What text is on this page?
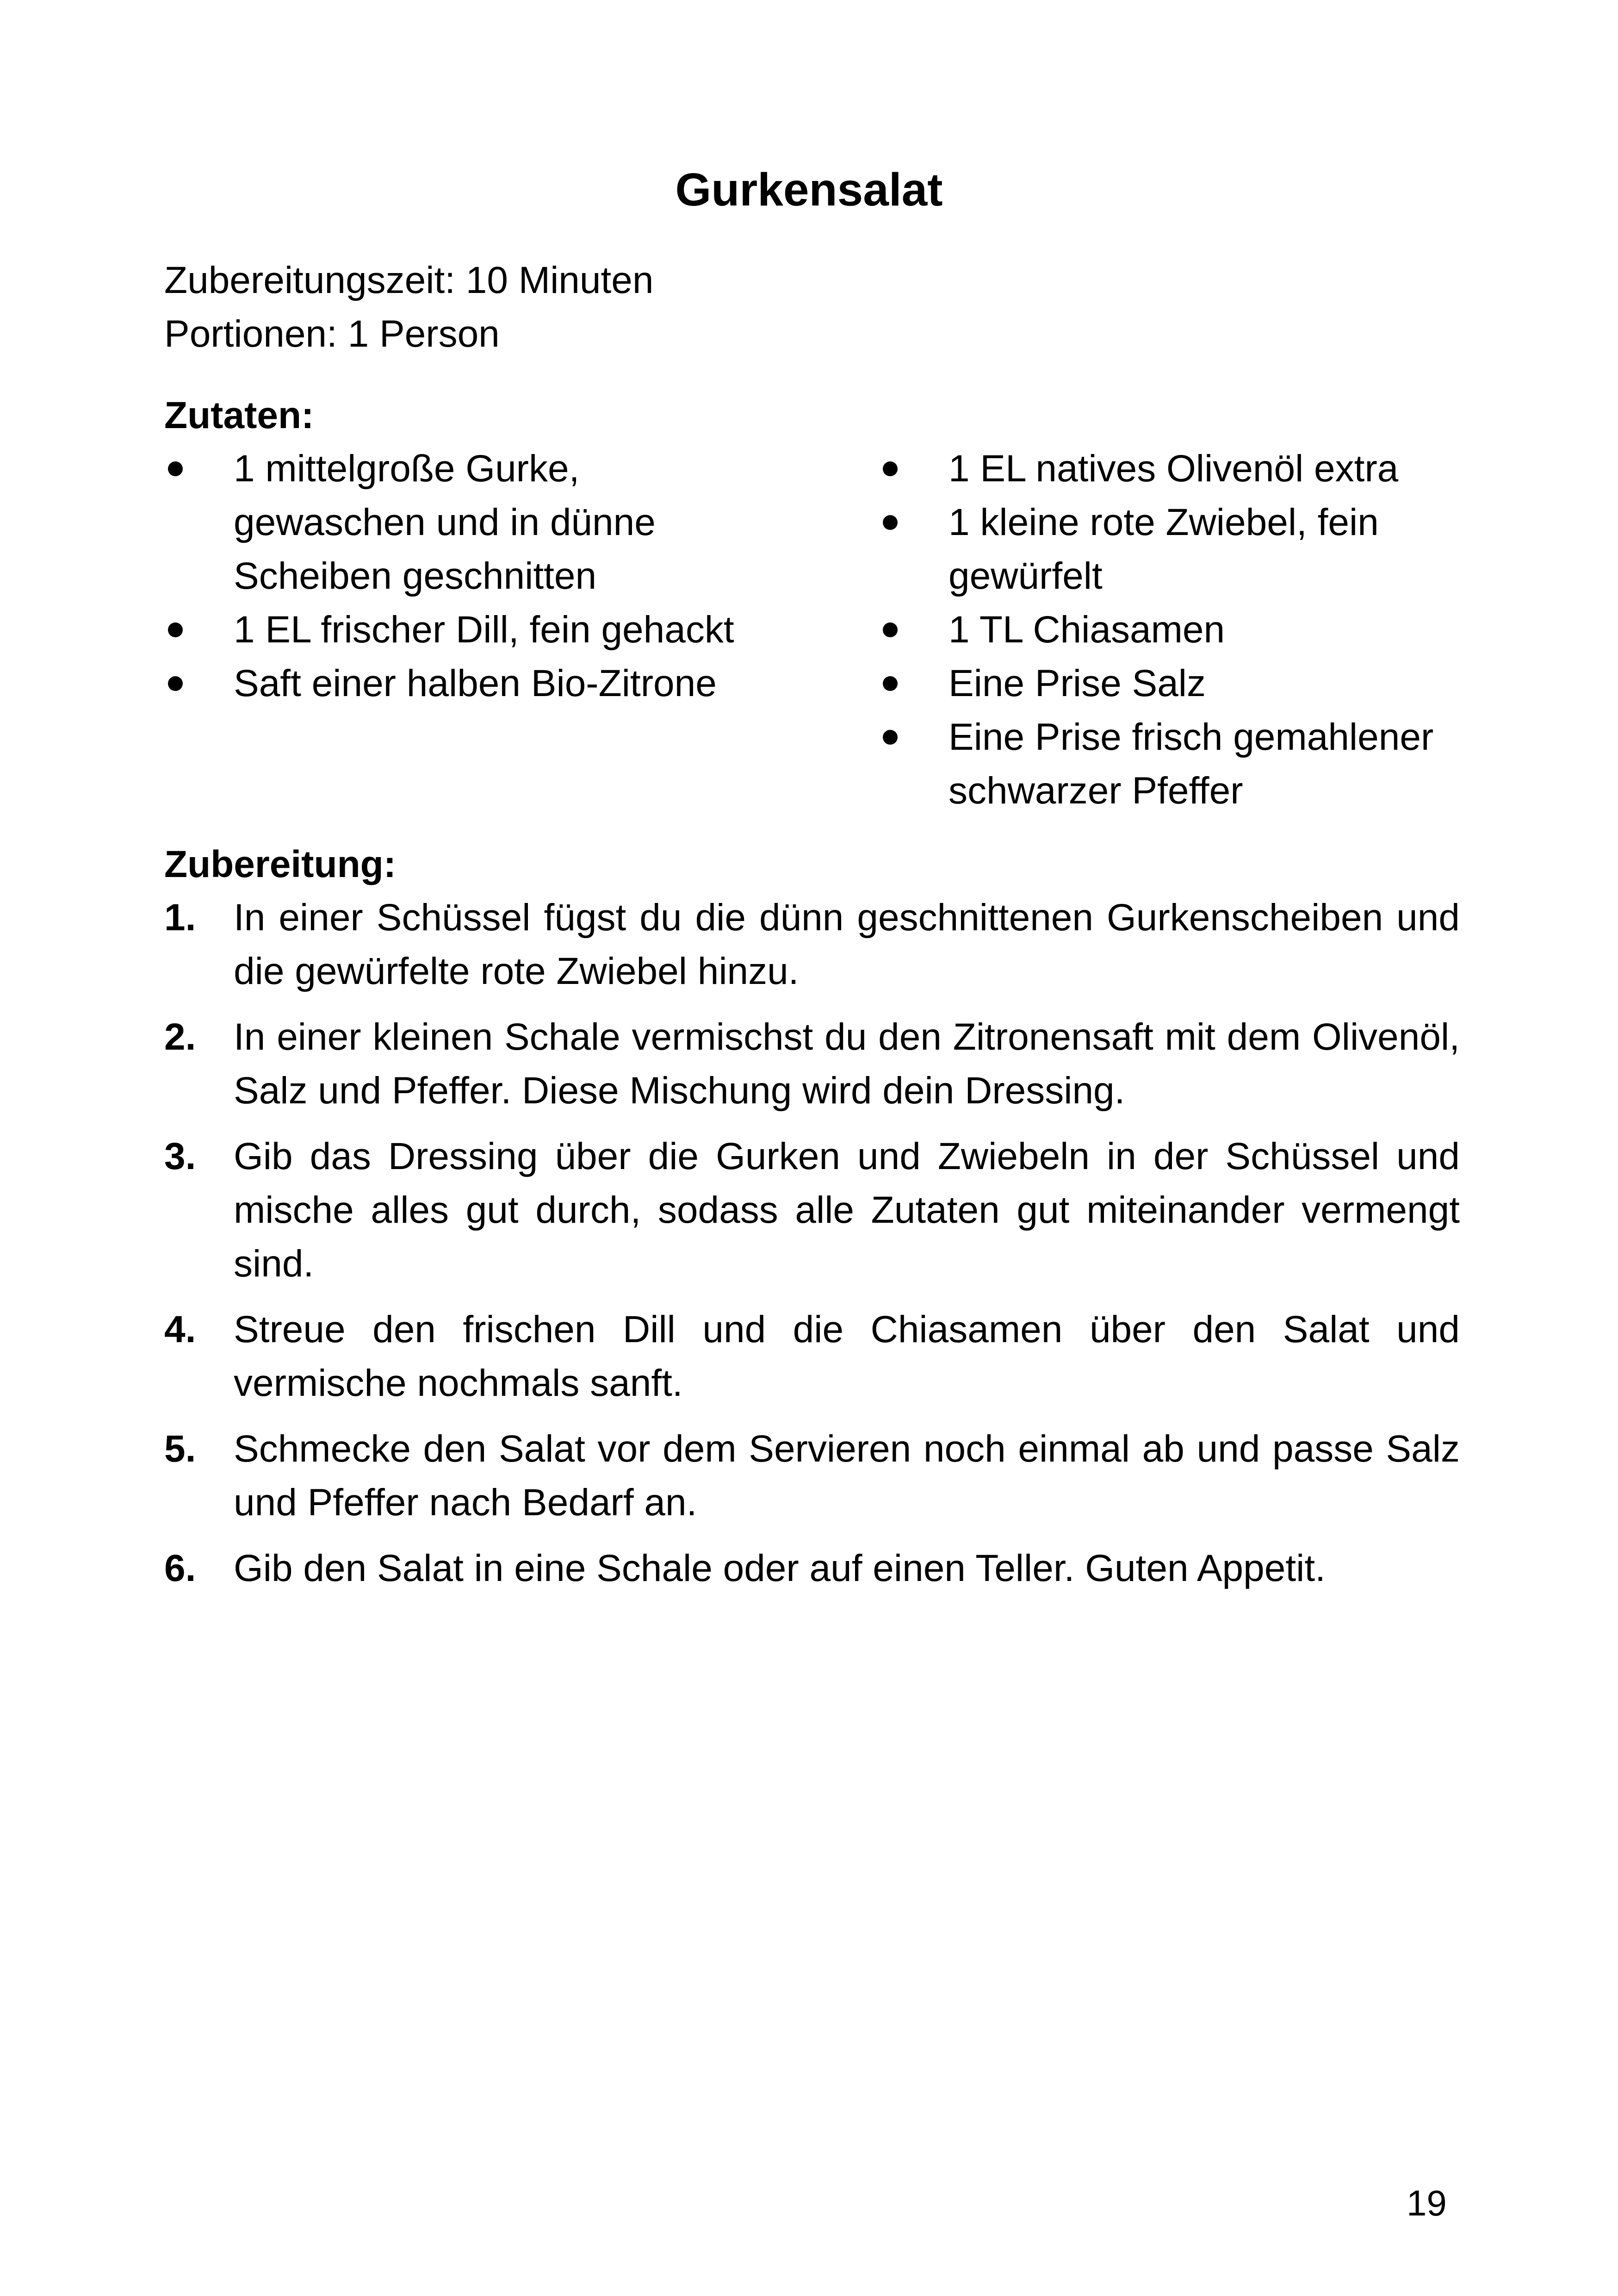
Gurkensalat
Zubereitungszeit: 10 Minuten
Portionen: 1 Person
Zutaten:
1 mittelgroße Gurke, gewaschen und in dünne Scheiben geschnitten
1 EL frischer Dill, fein gehackt
Saft einer halben Bio-Zitrone
1 EL natives Olivenöl extra
1 kleine rote Zwiebel, fein gewürfelt
1 TL Chiasamen
Eine Prise Salz
Eine Prise frisch gemahlener schwarzer Pfeffer
Zubereitung:
1. In einer Schüssel fügst du die dünn geschnittenen Gurkenscheiben und die gewürfelte rote Zwiebel hinzu.
2. In einer kleinen Schale vermischst du den Zitronensaft mit dem Olivenöl, Salz und Pfeffer. Diese Mischung wird dein Dressing.
3. Gib das Dressing über die Gurken und Zwiebeln in der Schüssel und mische alles gut durch, sodass alle Zutaten gut miteinander vermengt sind.
4. Streue den frischen Dill und die Chiasamen über den Salat und vermische nochmals sanft.
5. Schmecke den Salat vor dem Servieren noch einmal ab und passe Salz und Pfeffer nach Bedarf an.
6. Gib den Salat in eine Schale oder auf einen Teller. Guten Appetit.
19
